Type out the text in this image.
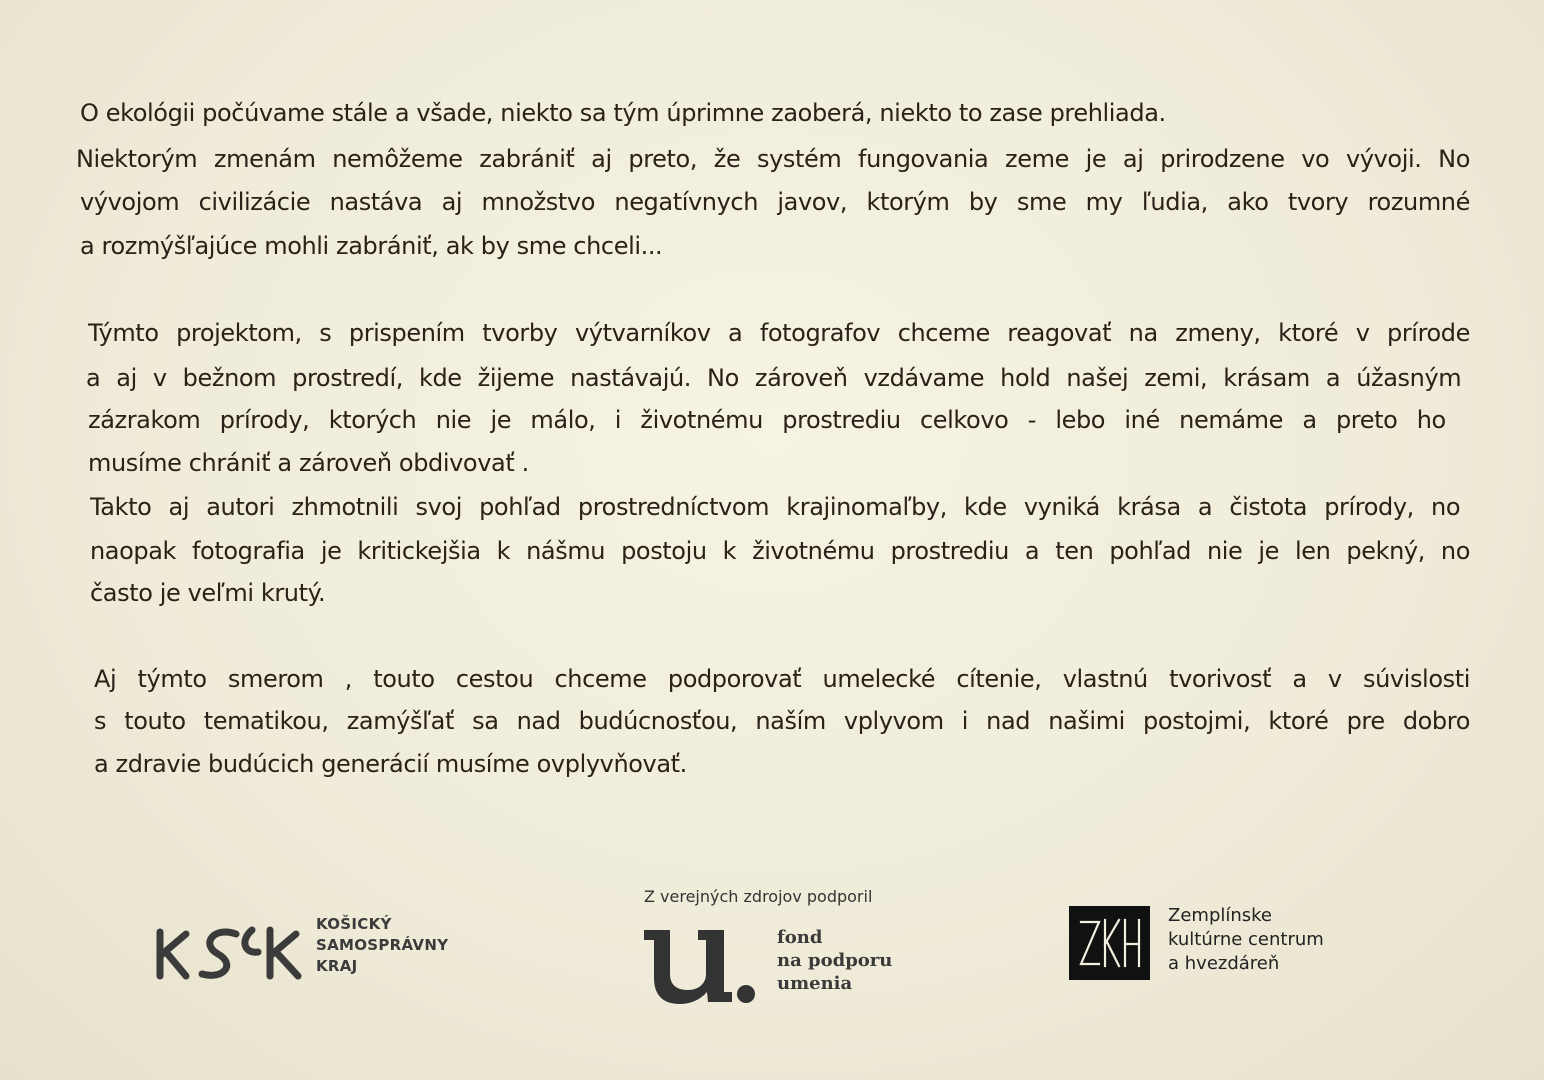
O ekológii počúvame stále a všade, niekto sa tým úprimne zaoberá, niekto to zase prehliada.
Niektorým zmenám nemôžeme zabrániť aj preto, že systém fungovania zeme je aj prirodzene vo vývoji. No
vývojom civilizácie nastáva aj množstvo negatívnych javov, ktorým by sme my ľudia, ako tvory rozumné
a rozmýšľajúce mohli zabrániť, ak by sme chceli...
Týmto projektom, s prispením tvorby výtvarníkov a fotografov chceme reagovať na zmeny, ktoré v prírode
a aj v bežnom prostredí, kde žijeme nastávajú. No zároveň vzdávame hold našej zemi, krásam a úžasným
zázrakom prírody, ktorých nie je málo, i životnému prostrediu celkovo - lebo iné nemáme a preto ho
musíme chrániť a zároveň obdivovať .
Takto aj autori zhmotnili svoj pohľad prostredníctvom krajinomaľby, kde vyniká krása a čistota prírody, no
naopak fotografia je kritickejšia k nášmu postoju k životnému prostrediu a ten pohľad nie je len pekný, no
často je veľmi krutý.
Aj týmto smerom , touto cestou chceme podporovať umelecké cítenie, vlastnú tvorivosť a v súvislosti
s touto tematikou, zamýšľať sa nad budúcnosťou, naším vplyvom i nad našimi postojmi, ktoré pre dobro
a zdravie budúcich generácií musíme ovplyvňovať.
KOŠICKÝ
SAMOSPRÁVNY
KRAJ
Z verejných zdrojov podporil
fond
na podporu
umenia
Zemplínske
kultúrne centrum
a hvezdáreň
